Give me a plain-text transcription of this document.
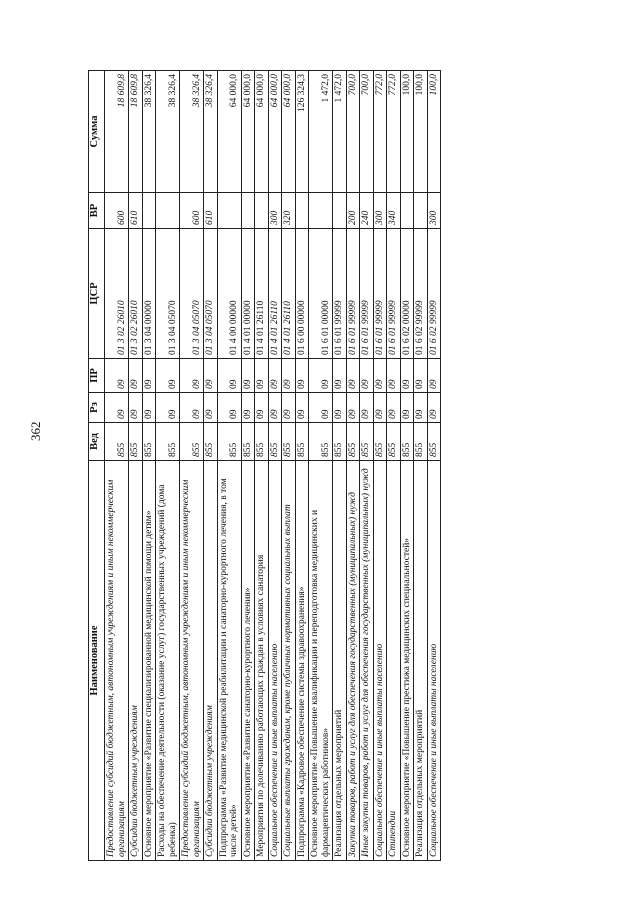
362
Наименование	Вед	Рз	ПР	ЦСР	ВР	Сумма
Предоставление субсидий бюджетным, автономным учреждениям и иным некоммерческим организациям	855	09	09	01 3 02 26010	600	18 609,8
Субсидии бюджетным учреждениям	855	09	09	01 3 02 26010	610	18 609,8
Основное мероприятие «Развитие специализированной медицинской помощи детям»	855	09	09	01 3 04 00000		38 326,4
Расходы на обеспечение деятельности (оказание услуг) государственных учреждений (дома ребенка)	855	09	09	01 3 04 05070		38 326,4
Предоставление субсидий бюджетным, автономным учреждениям и иным некоммерческим организациям	855	09	09	01 3 04 05070	600	38 326,4
Субсидии бюджетным учреждениям	855	09	09	01 3 04 05070	610	38 326,4
Подпрограмма «Развитие медицинской реабилитации и санаторно-курортного лечения, в том числе детей»	855	09	09	01 4 00 00000		64 000,0
Основное мероприятие «Развитие санаторно-курортного лечения»	855	09	09	01 4 01 00000		64 000,0
Мероприятия по долечиванию работающих граждан в условиях санатория	855	09	09	01 4 01 26110		64 000,0
Социальное обеспечение и иные выплаты населению	855	09	09	01 4 01 26110	300	64 000,0
Социальные выплаты гражданам, кроме публичных нормативных социальных выплат	855	09	09	01 4 01 26110	320	64 000,0
Подпрограмма «Кадровое обеспечение системы здравоохранения»	855	09	09	01 6 00 00000		126 324,3
Основное мероприятие «Повышение квалификации и переподготовка медицинских и фармацевтических работников»	855	09	09	01 6 01 00000		1 472,0
Реализация отдельных мероприятий	855	09	09	01 6 01 99999		1 472,0
Закупка товаров, работ и услуг для обеспечения государственных (муниципальных) нужд	855	09	09	01 6 01 99999	200	700,0
Иные закупки товаров, работ и услуг для обеспечения государственных (муниципальных) нужд	855	09	09	01 6 01 99999	240	700,0
Социальное обеспечение и иные выплаты населению	855	09	09	01 6 01 99999	300	772,0
Стипендии	855	09	09	01 6 01 99999	340	772,0
Основное мероприятие «Повышение престижа медицинских специальностей»	855	09	09	01 6 02 00000		100,0
Реализация отдельных мероприятий	855	09	09	01 6 02 99999		100,0
Социальное обеспечение и иные выплаты населению	855	09	09	01 6 02 99999	300	100,0
